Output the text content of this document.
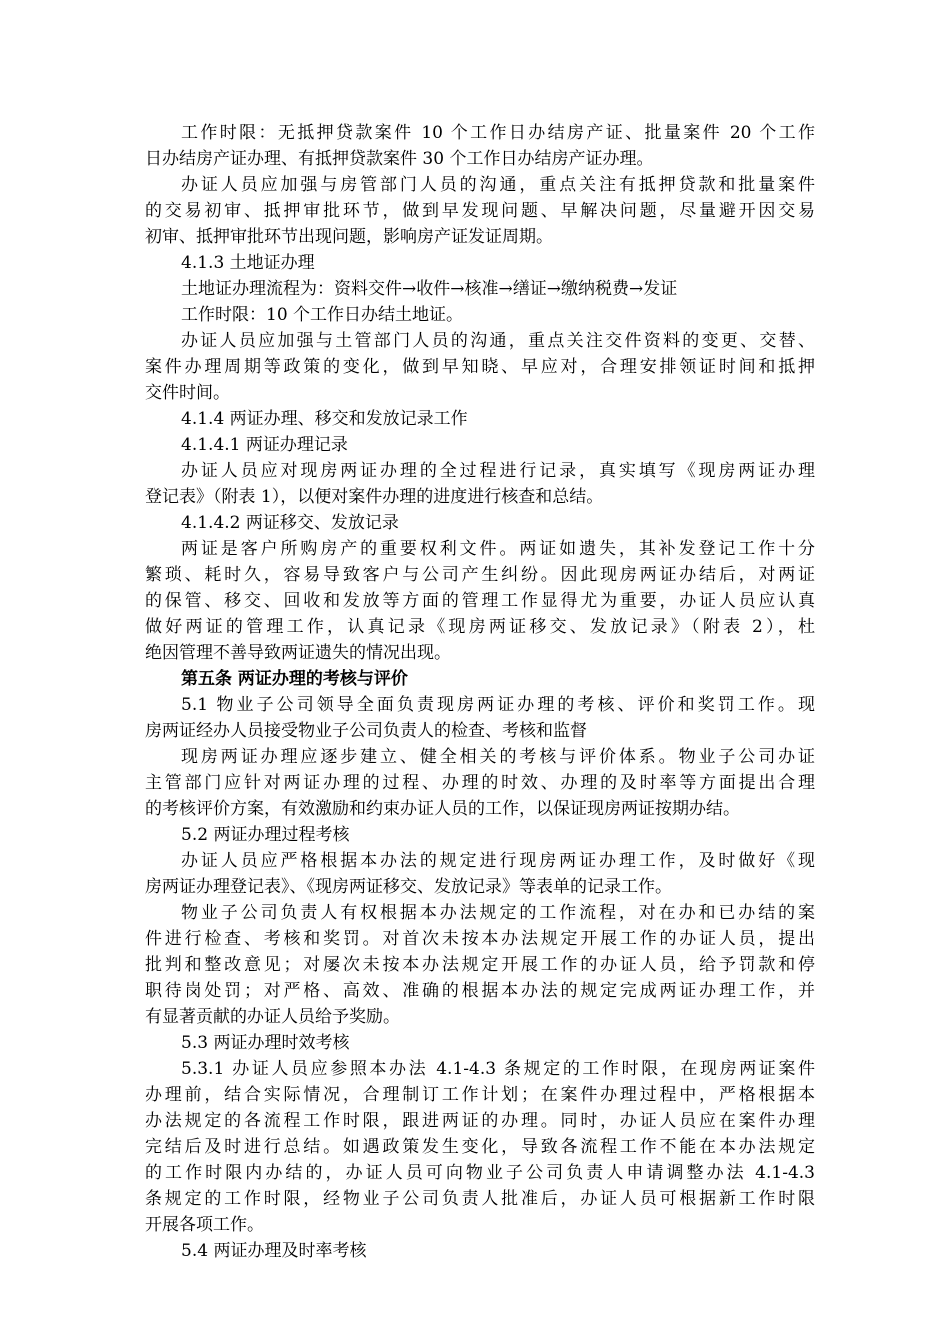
工作时限：无抵押贷款案件 10 个工作日办结房产证、批量案件 20 个工作
日办结房产证办理、有抵押贷款案件 30 个工作日办结房产证办理。
办证人员应加强与房管部门人员的沟通，重点关注有抵押贷款和批量案件
的交易初审、抵押审批环节，做到早发现问题、早解决问题，尽量避开因交易
初审、抵押审批环节出现问题，影响房产证发证周期。
4.1.3 土地证办理
土地证办理流程为：资料交件→收件→核准→缮证→缴纳税费→发证
工作时限：10 个工作日办结土地证。
办证人员应加强与土管部门人员的沟通，重点关注交件资料的变更、交替、
案件办理周期等政策的变化，做到早知晓、早应对，合理安排领证时间和抵押
交件时间。
4.1.4 两证办理、移交和发放记录工作
4.1.4.1 两证办理记录
办证人员应对现房两证办理的全过程进行记录，真实填写《现房两证办理
登记表》（附表 1），以便对案件办理的进度进行核查和总结。
4.1.4.2 两证移交、发放记录
两证是客户所购房产的重要权利文件。两证如遗失，其补发登记工作十分
繁琐、耗时久，容易导致客户与公司产生纠纷。因此现房两证办结后，对两证
的保管、移交、回收和发放等方面的管理工作显得尤为重要，办证人员应认真
做好两证的管理工作，认真记录《现房两证移交、发放记录》（附表 2），杜
绝因管理不善导致两证遗失的情况出现。
第五条 两证办理的考核与评价
5.1 物业子公司领导全面负责现房两证办理的考核、评价和奖罚工作。现
房两证经办人员接受物业子公司负责人的检查、考核和监督
现房两证办理应逐步建立、健全相关的考核与评价体系。物业子公司办证
主管部门应针对两证办理的过程、办理的时效、办理的及时率等方面提出合理
的考核评价方案，有效激励和约束办证人员的工作，以保证现房两证按期办结。
5.2 两证办理过程考核
办证人员应严格根据本办法的规定进行现房两证办理工作，及时做好《现
房两证办理登记表》、《现房两证移交、发放记录》等表单的记录工作。
物业子公司负责人有权根据本办法规定的工作流程，对在办和已办结的案
件进行检查、考核和奖罚。对首次未按本办法规定开展工作的办证人员，提出
批判和整改意见；对屡次未按本办法规定开展工作的办证人员，给予罚款和停
职待岗处罚；对严格、高效、准确的根据本办法的规定完成两证办理工作，并
有显著贡献的办证人员给予奖励。
5.3 两证办理时效考核
5.3.1 办证人员应参照本办法 4.1-4.3 条规定的工作时限，在现房两证案件
办理前，结合实际情况，合理制订工作计划；在案件办理过程中，严格根据本
办法规定的各流程工作时限，跟进两证的办理。同时，办证人员应在案件办理
完结后及时进行总结。如遇政策发生变化，导致各流程工作不能在本办法规定
的工作时限内办结的，办证人员可向物业子公司负责人申请调整办法 4.1-4.3
条规定的工作时限，经物业子公司负责人批准后，办证人员可根据新工作时限
开展各项工作。
5.4 两证办理及时率考核
